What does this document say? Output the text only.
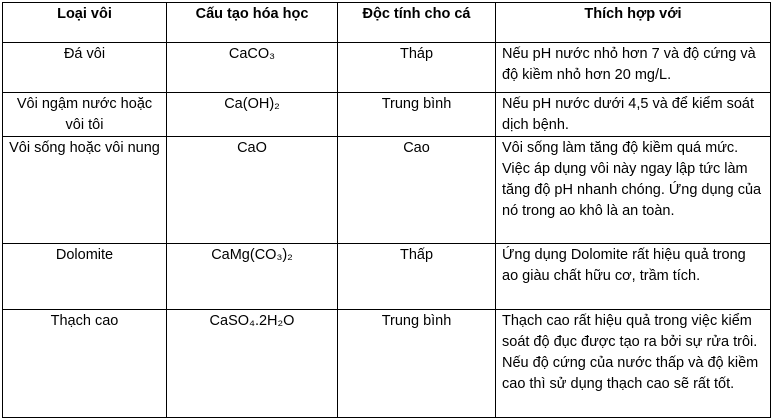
Loại vôi	Cấu tạo hóa học	Độc tính cho cá	Thích hợp với
Đá vôi	CaCO₃	Tháp	Nếu pH nước nhỏ hơn 7 và độ cứng và độ kiềm nhỏ hơn 20 mg/L.
Vôi ngậm nước hoặc vôi tôi	Ca(OH)₂	Trung bình	Nếu pH nước dưới 4,5 và để kiểm soát dịch bệnh.
Vôi sống hoặc vôi nung	CaO	Cao	Vôi sống làm tăng độ kiềm quá mức. Việc áp dụng vôi này ngay lập tức làm tăng độ pH nhanh chóng. Ứng dụng của nó trong ao khô là an toàn.
Dolomite	CaMg(CO₃)₂	Thấp	Ứng dụng Dolomite rất hiệu quả trong ao giàu chất hữu cơ, trầm tích.
Thạch cao	CaSO₄.2H₂O	Trung bình	Thạch cao rất hiệu quả trong việc kiểm soát độ đục được tạo ra bởi sự rửa trôi. Nếu độ cứng của nước thấp và độ kiềm cao thì sử dụng thạch cao sẽ rất tốt.
